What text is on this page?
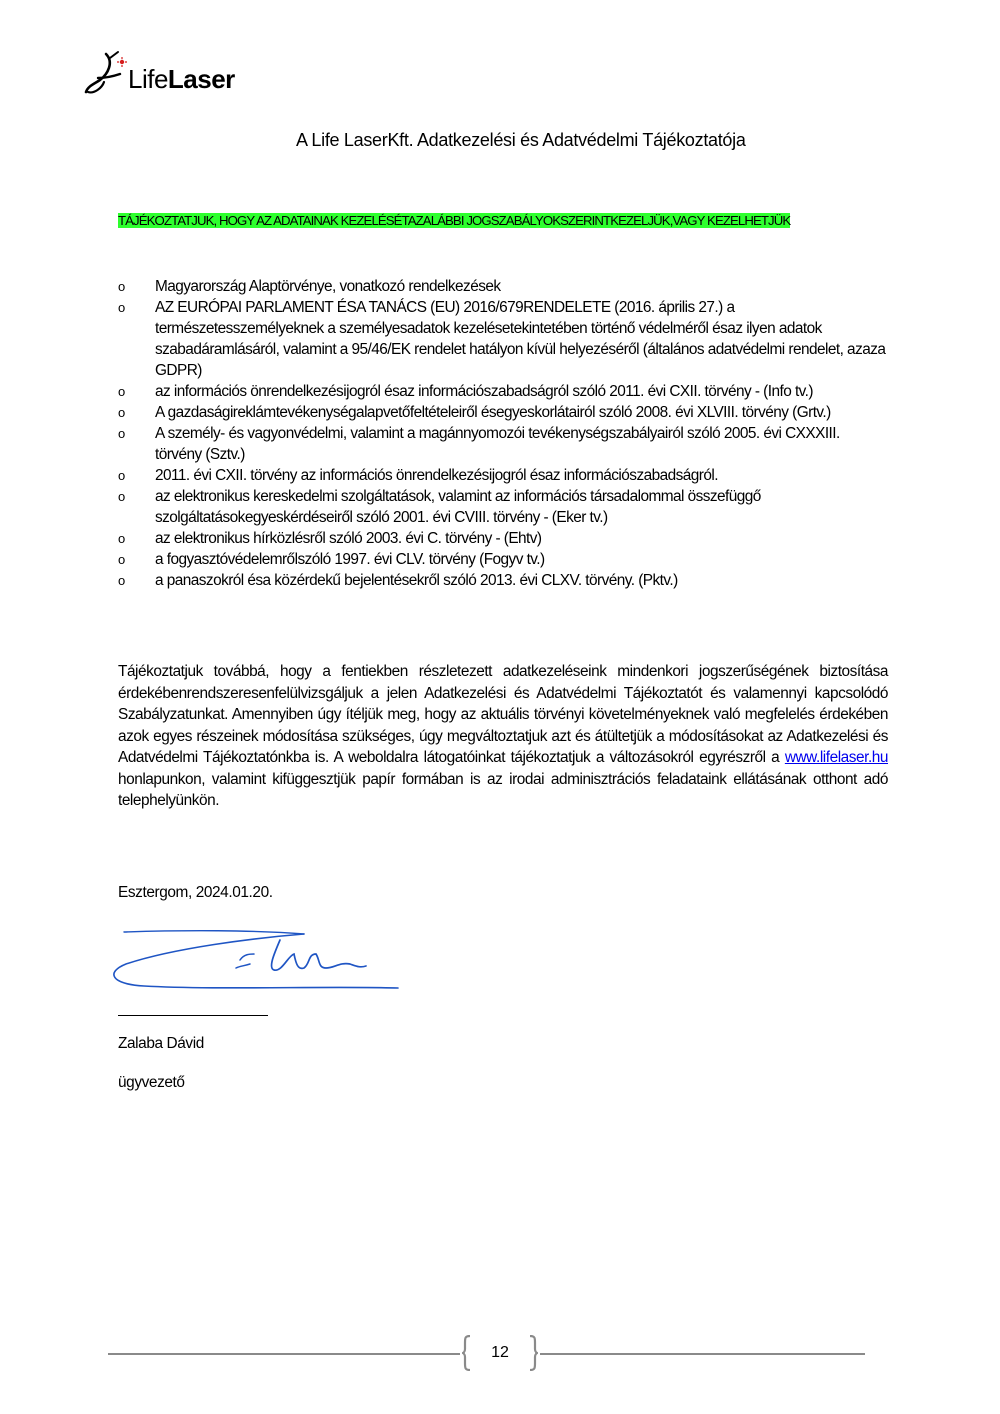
LifeLaser
A Life LaserKft. Adatkezelési és Adatvédelmi Tájékoztatója
TÁJÉKOZTATJUK, HOGY AZ ADATAINAK KEZELÉSÉTAZALÁBBI JOGSZABÁLYOKSZERINTKEZELJÜK,VAGY KEZELHETJÜK
o Magyarország Alaptörvénye, vonatkozó rendelkezések
o AZ EURÓPAI PARLAMENT ÉSA TANÁCS (EU) 2016/679RENDELETE (2016. április 27.) a természetesszemélyeknek a személyesadatok kezelésetekintetében történő védelméről ésaz ilyen adatok szabadáramlásáról, valamint a 95/46/EK rendelet hatályon kívül helyezéséről (általános adatvédelmi rendelet, azaza GDPR)
o az információs önrendelkezésijogról ésaz információszabadságról szóló 2011. évi CXII. törvény - (Info tv.)
o A gazdaságireklámtevékenységalapvetőfeltételeiről ésegyeskorlátairól szóló 2008. évi XLVIII. törvény (Grtv.)
o A személy- és vagyonvédelmi, valamint a magánnyomozói tevékenységszabályairól szóló 2005. évi CXXXIII. törvény (Sztv.)
o 2011. évi CXII. törvény az információs önrendelkezésijogról ésaz információszabadságról.
o az elektronikus kereskedelmi szolgáltatások, valamint az információs társadalommal összefüggő szolgáltatásokegyeskérdéseiről szóló 2001. évi CVIII. törvény - (Eker tv.)
o az elektronikus hírközlésről szóló 2003. évi C. törvény - (Ehtv)
o a fogyasztóvédelemrőlszóló 1997. évi CLV. törvény (Fogyv tv.)
o a panaszokról ésa közérdekű bejelentésekről szóló 2013. évi CLXV. törvény. (Pktv.)

Tájékoztatjuk továbbá, hogy a fentiekben részletezett adatkezeléseink mindenkori jogszerűségének biztosítása érdekébenrendszeresenfelülvizsgáljuk a jelen Adatkezelési és Adatvédelmi Tájékoztatót és valamennyi kapcsolódó Szabályzatunkat. Amennyiben úgy ítéljük meg, hogy az aktuális törvényi követelményeknek való megfelelés érdekében azok egyes részeinek módosítása szükséges, úgy megváltoztatjuk azt és átültetjük a módosításokat az Adatkezelési és Adatvédelmi Tájékoztatónkba is. A weboldalra látogatóinkat tájékoztatjuk a változásokról egyrészről a www.lifelaser.hu honlapunkon, valamint kifüggesztjük papír formában is az irodai adminisztrációs feladataink ellátásának otthont adó telephelyünkön.

Esztergom, 2024.01.20.
Zalaba Dávid
ügyvezető
12
